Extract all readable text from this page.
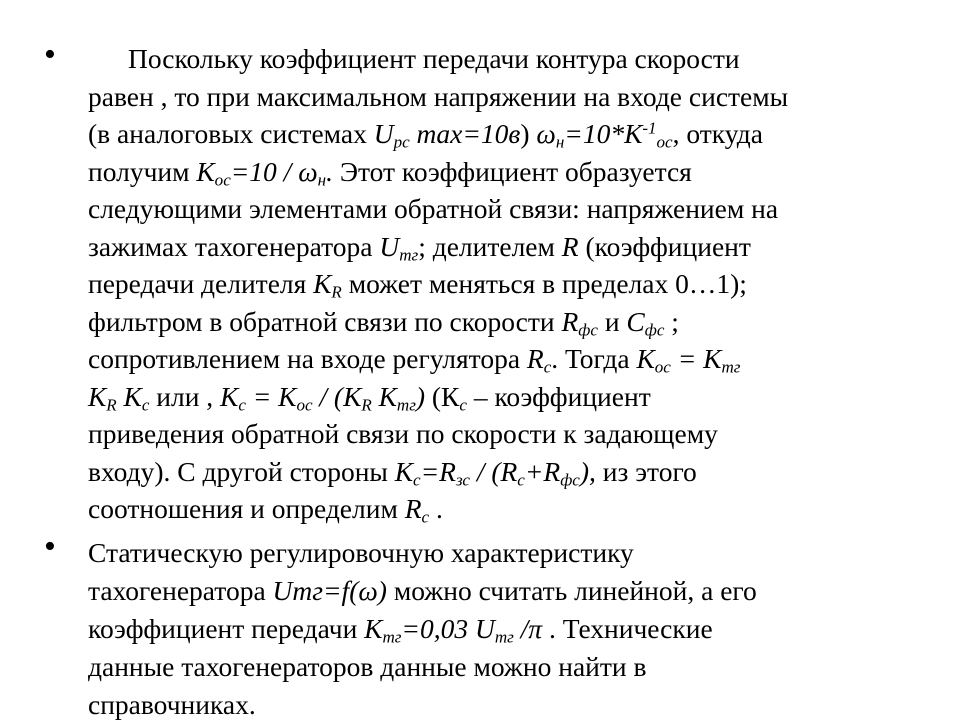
•	Поскольку коэффициент передачи контура скорости
равен , то при максимальном напряжении на входе системы
(в аналоговых системах $U_{рс}$ max=10в) $\omega_н=10*К^{-1}_{ос}$, откуда
получим $К_{ос}=10 / \omega_н$. Этот коэффициент образуется
следующими элементами обратной связи: напряжением на
зажимах тахогенератора $U_{тг}$; делителем R (коэффициент
передачи делителя $К_R$ может меняться в пределах 0…1);
фильтром в обратной связи по скорости $R_{фс}$ и $С_{фс}$ ;
сопротивлением на входе регулятора $R_с$. Тогда $К_{ос} = К_{тг}$
$К_R$ $К_с$ или , $К_с = К_{ос} / (К_R$ $К_{тг}$) ($К_с$ – коэффициент
приведения обратной связи по скорости к задающему
входу). С другой стороны $К_с=R_{зс} / (R_с+R_{фс})$, из этого
соотношения и определим $R_с$ .
• Статическую регулировочную характеристику
тахогенератора Uтг=f(ω) можно считать линейной, а его
коэффициент передачи $К_{тг}=0,03$ $U_{тг}$ /π . Технические
данные тахогенераторов данные можно найти в
справочниках.
